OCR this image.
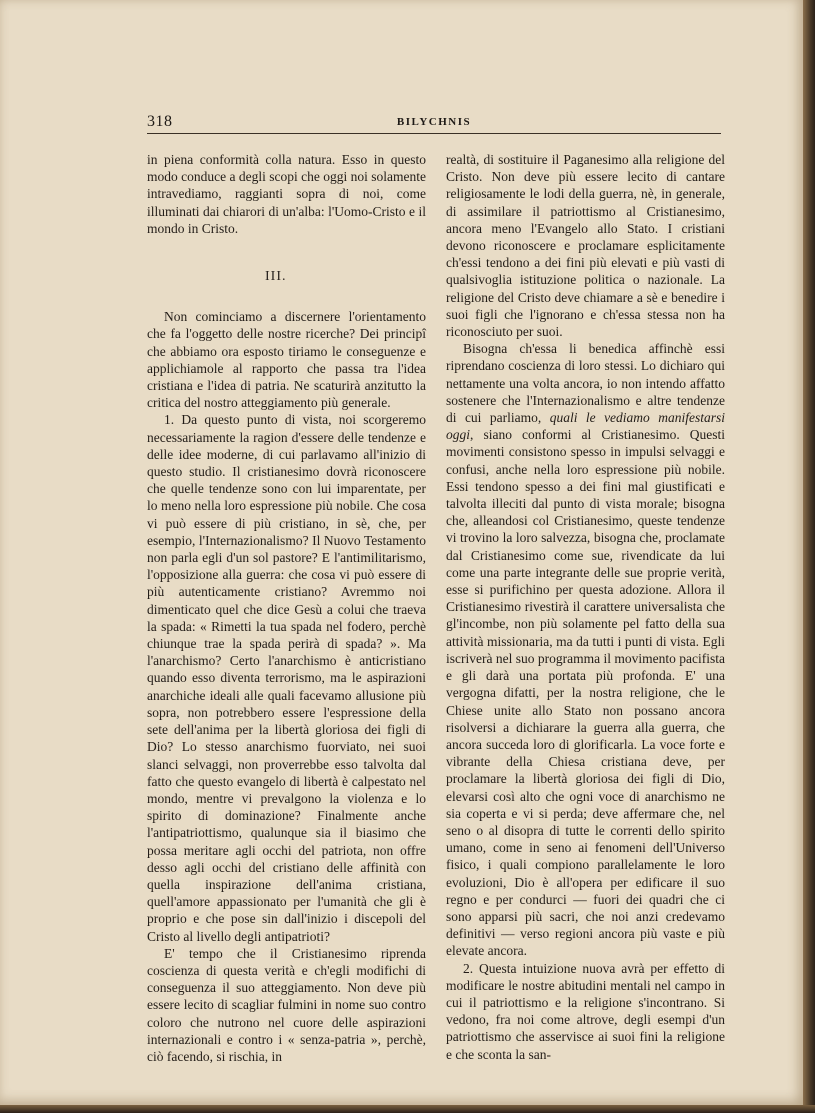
318	BILYCHNIS

in piena conformità colla natura. Esso in questo modo conduce a degli scopi che oggi noi solamente intravediamo, raggianti sopra di noi, come illuminati dai chiarori di un'alba: l'Uomo-Cristo e il mondo in Cristo.

III.

Non cominciamo a discernere l'orientamento che fa l'oggetto delle nostre ricerche? Dei principî che abbiamo ora esposto tiriamo le conseguenze e applichiamole al rapporto che passa tra l'idea cristiana e l'idea di patria. Ne scaturirà anzitutto la critica del nostro atteggiamento più generale.

1. Da questo punto di vista, noi scorgeremo necessariamente la ragion d'essere delle tendenze e delle idee moderne, di cui parlavamo all'inizio di questo studio. Il cristianesimo dovrà riconoscere che quelle tendenze sono con lui imparentate, per lo meno nella loro espressione più nobile. Che cosa vi può essere di più cristiano, in sè, che, per esempio, l'Internazionalismo? Il Nuovo Testamento non parla egli d'un sol pastore? E l'antimilitarismo, l'opposizione alla guerra: che cosa vi può essere di più autenticamente cristiano? Avremmo noi dimenticato quel che dice Gesù a colui che traeva la spada: « Rimetti la tua spada nel fodero, perchè chiunque trae la spada perirà di spada? ». Ma l'anarchismo? Certo l'anarchismo è anticristiano quando esso diventa terrorismo, ma le aspirazioni anarchiche ideali alle quali facevamo allusione più sopra, non potrebbero essere l'espressione della sete dell'anima per la libertà gloriosa dei figli di Dio? Lo stesso anarchismo fuorviato, nei suoi slanci selvaggi, non proverrebbe esso talvolta dal fatto che questo evangelo di libertà è calpestato nel mondo, mentre vi prevalgono la violenza e lo spirito di dominazione? Finalmente anche l'antipatriottismo, qualunque sia il biasimo che possa meritare agli occhi del patriota, non offre desso agli occhi del cristiano delle affinità con quella inspirazione dell'anima cristiana, quell'amore appassionato per l'umanità che gli è proprio e che pose sin dall'inizio i discepoli del Cristo al livello degli antipatrioti?

E' tempo che il Cristianesimo riprenda coscienza di questa verità e ch'egli modifichi di conseguenza il suo atteggiamento. Non deve più essere lecito di scagliar fulmini in nome suo contro coloro che nutrono nel cuore delle aspirazioni internazionali e contro i « senza-patria », perchè, ciò facendo, si rischia, in

realtà, di sostituire il Paganesimo alla religione del Cristo. Non deve più essere lecito di cantare religiosamente le lodi della guerra, nè, in generale, di assimilare il patriottismo al Cristianesimo, ancora meno l'Evangelo allo Stato. I cristiani devono riconoscere e proclamare esplicitamente ch'essi tendono a dei fini più elevati e più vasti di qualsivoglia istituzione politica o nazionale. La religione del Cristo deve chiamare a sè e benedire i suoi figli che l'ignorano e ch'essa stessa non ha riconosciuto per suoi.

Bisogna ch'essa li benedica affinchè essi riprendano coscienza di loro stessi. Lo dichiaro qui nettamente una volta ancora, io non intendo affatto sostenere che l'Internazionalismo e altre tendenze di cui parliamo, quali le vediamo manifestarsi oggi, siano conformi al Cristianesimo. Questi movimenti consistono spesso in impulsi selvaggi e confusi, anche nella loro espressione più nobile. Essi tendono spesso a dei fini mal giustificati e talvolta illeciti dal punto di vista morale; bisogna che, alleandosi col Cristianesimo, queste tendenze vi trovino la loro salvezza, bisogna che, proclamate dal Cristianesimo come sue, rivendicate da lui come una parte integrante delle sue proprie verità, esse si purifichino per questa adozione. Allora il Cristianesimo rivestirà il carattere universalista che gl'incombe, non più solamente pel fatto della sua attività missionaria, ma da tutti i punti di vista. Egli iscriverà nel suo programma il movimento pacifista e gli darà una portata più profonda. E' una vergogna difatti, per la nostra religione, che le Chiese unite allo Stato non possano ancora risolversi a dichiarare la guerra alla guerra, che ancora succeda loro di glorificarla. La voce forte e vibrante della Chiesa cristiana deve, per proclamare la libertà gloriosa dei figli di Dio, elevarsi così alto che ogni voce di anarchismo ne sia coperta e vi si perda; deve affermare che, nel seno o al disopra di tutte le correnti dello spirito umano, come in seno ai fenomeni dell'Universo fisico, i quali compiono parallelamente le loro evoluzioni, Dio è all'opera per edificare il suo regno e per condurci — fuori dei quadri che ci sono apparsi più sacri, che noi anzi credevamo definitivi — verso regioni ancora più vaste e più elevate ancora.

2. Questa intuizione nuova avrà per effetto di modificare le nostre abitudini mentali nel campo in cui il patriottismo e la religione s'incontrano. Si vedono, fra noi come altrove, degli esempi d'un patriottismo che asservisce ai suoi fini la religione e che sconta la san-
